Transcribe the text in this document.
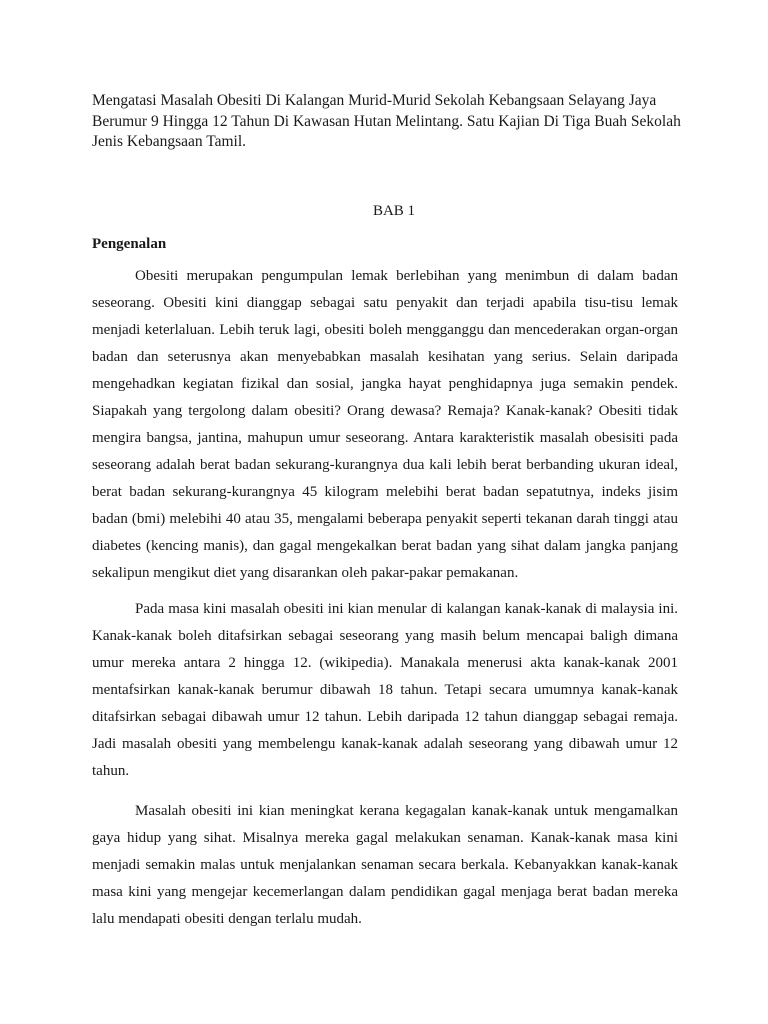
Mengatasi Masalah Obesiti Di Kalangan Murid-Murid Sekolah Kebangsaan Selayang Jaya Berumur 9 Hingga 12 Tahun Di Kawasan Hutan Melintang. Satu Kajian Di Tiga Buah Sekolah Jenis Kebangsaan Tamil.

BAB 1

Pengenalan

Obesiti merupakan pengumpulan lemak berlebihan yang menimbun di dalam badan seseorang. Obesiti kini dianggap sebagai satu penyakit dan terjadi apabila tisu-tisu lemak menjadi keterlaluan. Lebih teruk lagi, obesiti boleh mengganggu dan mencederakan organ-organ badan dan seterusnya akan menyebabkan masalah kesihatan yang serius. Selain daripada mengehadkan kegiatan fizikal dan sosial, jangka hayat penghidapnya juga semakin pendek. Siapakah yang tergolong dalam obesiti? Orang dewasa? Remaja? Kanak-kanak? Obesiti tidak mengira bangsa, jantina, mahupun umur seseorang. Antara karakteristik masalah obesisiti pada seseorang adalah berat badan sekurang-kurangnya dua kali lebih berat berbanding ukuran ideal, berat badan sekurang-kurangnya 45 kilogram melebihi berat badan sepatutnya, indeks jisim badan (bmi) melebihi 40 atau 35, mengalami beberapa penyakit seperti tekanan darah tinggi atau diabetes (kencing manis), dan gagal mengekalkan berat badan yang sihat dalam jangka panjang sekalipun mengikut diet yang disarankan oleh pakar-pakar pemakanan.

Pada masa kini masalah obesiti ini kian menular di kalangan kanak-kanak di malaysia ini. Kanak-kanak boleh ditafsirkan sebagai seseorang yang masih belum mencapai baligh dimana umur mereka antara 2 hingga 12. (wikipedia). Manakala menerusi akta kanak-kanak 2001 mentafsirkan kanak-kanak berumur dibawah 18 tahun. Tetapi secara umumnya kanak-kanak ditafsirkan sebagai dibawah umur 12 tahun. Lebih daripada 12 tahun dianggap sebagai remaja. Jadi masalah obesiti yang membelengu kanak-kanak adalah seseorang yang dibawah umur 12 tahun.

Masalah obesiti ini kian meningkat kerana kegagalan kanak-kanak untuk mengamalkan gaya hidup yang sihat. Misalnya mereka gagal melakukan senaman. Kanak-kanak masa kini menjadi semakin malas untuk menjalankan senaman secara berkala. Kebanyakkan kanak-kanak masa kini yang mengejar kecemerlangan dalam pendidikan gagal menjaga berat badan mereka lalu mendapati obesiti dengan terlalu mudah.
